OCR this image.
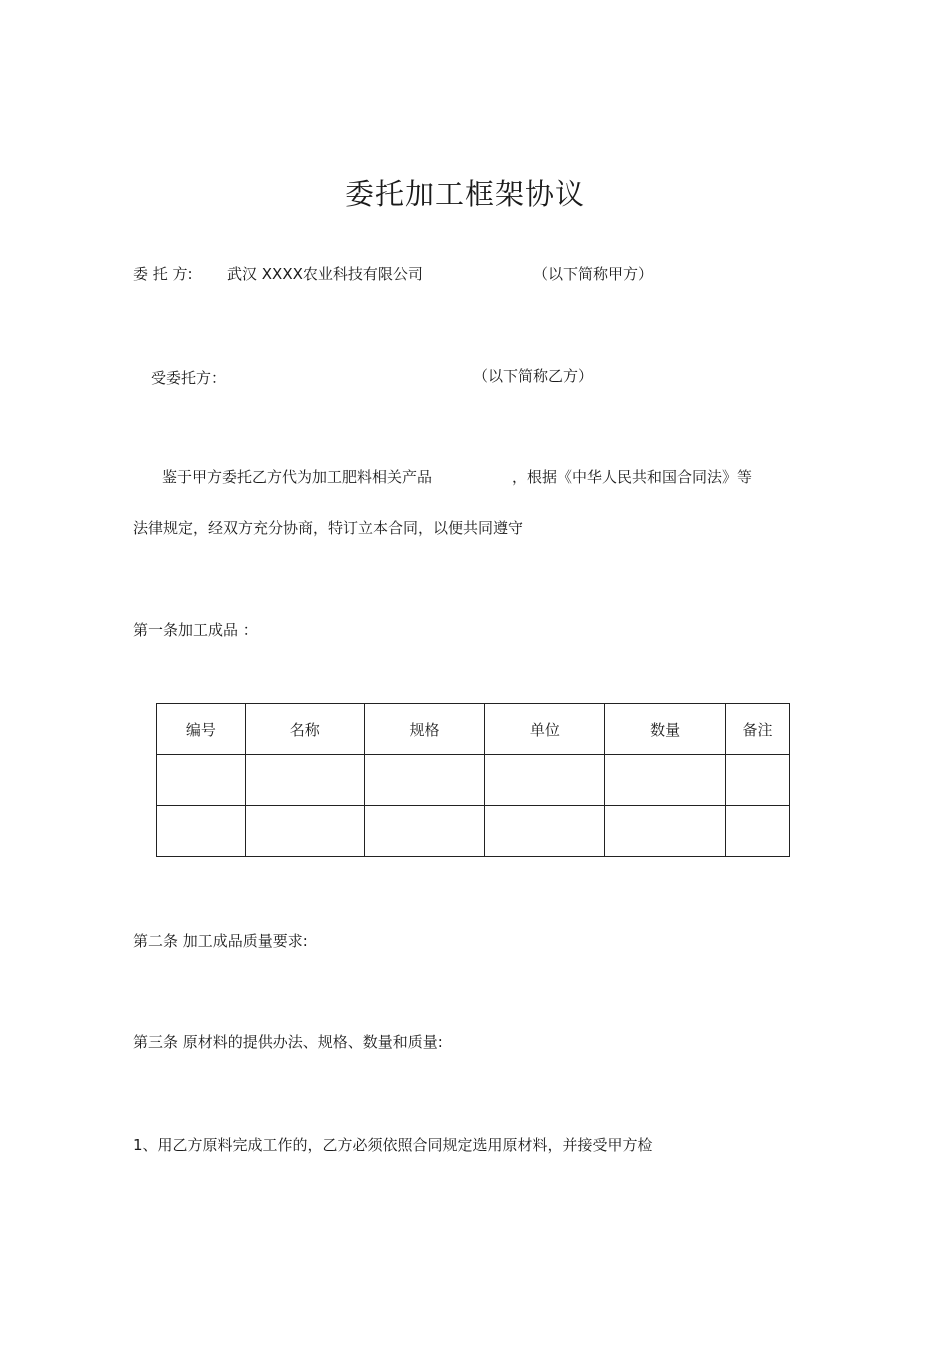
委托加工框架协议
委 托 方: 武汉 XXXX农业科技有限公司	（以下简称甲方）
受委托方：	（以下简称乙方）
鉴于甲方委托乙方代为加工肥料相关产品	，根据《中华人民共和国合同法》等
法律规定，经双方充分协商，特订立本合同，以便共同遵守
第一条加工成品 ：
编号	名称	规格	单位	数量	备注

第二条 加工成品质量要求:
第三条 原材料的提供办法、规格、数量和质量:
1、用乙方原料完成工作的，乙方必须依照合同规定选用原材料，并接受甲方检
